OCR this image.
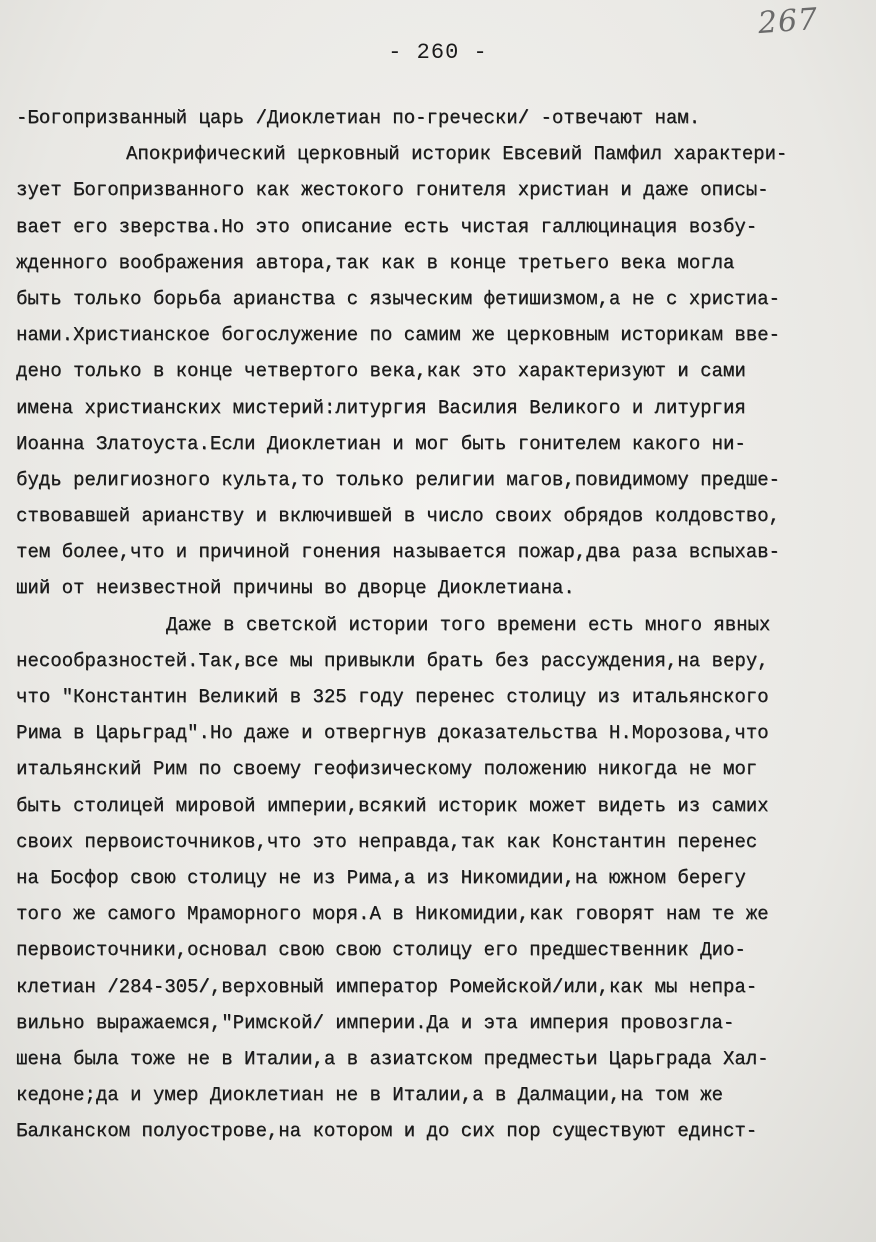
267
- 260 -
-Богопризванный царь /Диоклетиан по-гречески/ -отвечают нам.
Апокрифический церковный историк Евсевий Памфил характери-
зует Богопризванного как жестокого гонителя христиан и даже описы-
вает его зверства.Но это описание есть чистая галлюцинация возбу-
жденного воображения автора,так как в конце третьего века могла
быть только борьба арианства с языческим фетишизмом,а не с христиа-
нами.Христианское богослужение по самим же церковным историкам вве-
дено только в конце четвертого века,как это характеризуют и сами
имена христианских мистерий:литургия Василия Великого и литургия
Иоанна Златоуста.Если Диоклетиан и мог быть гонителем какого ни-
будь религиозного культа,то только религии магов,повидимому предше-
ствовавшей арианству и включившей в число своих обрядов колдовство,
тем более,что и причиной гонения называется пожар,два раза вспыхав-
ший от неизвестной причины во дворце Диоклетиана.
Даже в светской истории того времени есть много явных
несообразностей.Так,все мы привыкли брать без рассуждения,на веру,
что "Константин Великий в 325 году перенес столицу из итальянского
Рима в Царьград".Но даже и отвергнув доказательства Н.Морозова,что
итальянский Рим по своему геофизическому положению никогда не мог
быть столицей мировой империи,всякий историк может видеть из самих
своих первоисточников,что это неправда,так как Константин перенес
на Босфор свою столицу не из Рима,а из Никомидии,на южном берегу
того же самого Мраморного моря.А в Никомидии,как говорят нам те же
первоисточники,основал свою свою столицу его предшественник Дио-
клетиан /284-305/,верховный император Ромейской/или,как мы непра-
вильно выражаемся,"Римской/ империи.Да и эта империя провозгла-
шена была тоже не в Италии,а в азиатском предместьи Царьграда Хал-
кедоне;да и умер Диоклетиан не в Италии,а в Далмации,на том же
Балканском полуострове,на котором и до сих пор существуют единст-
